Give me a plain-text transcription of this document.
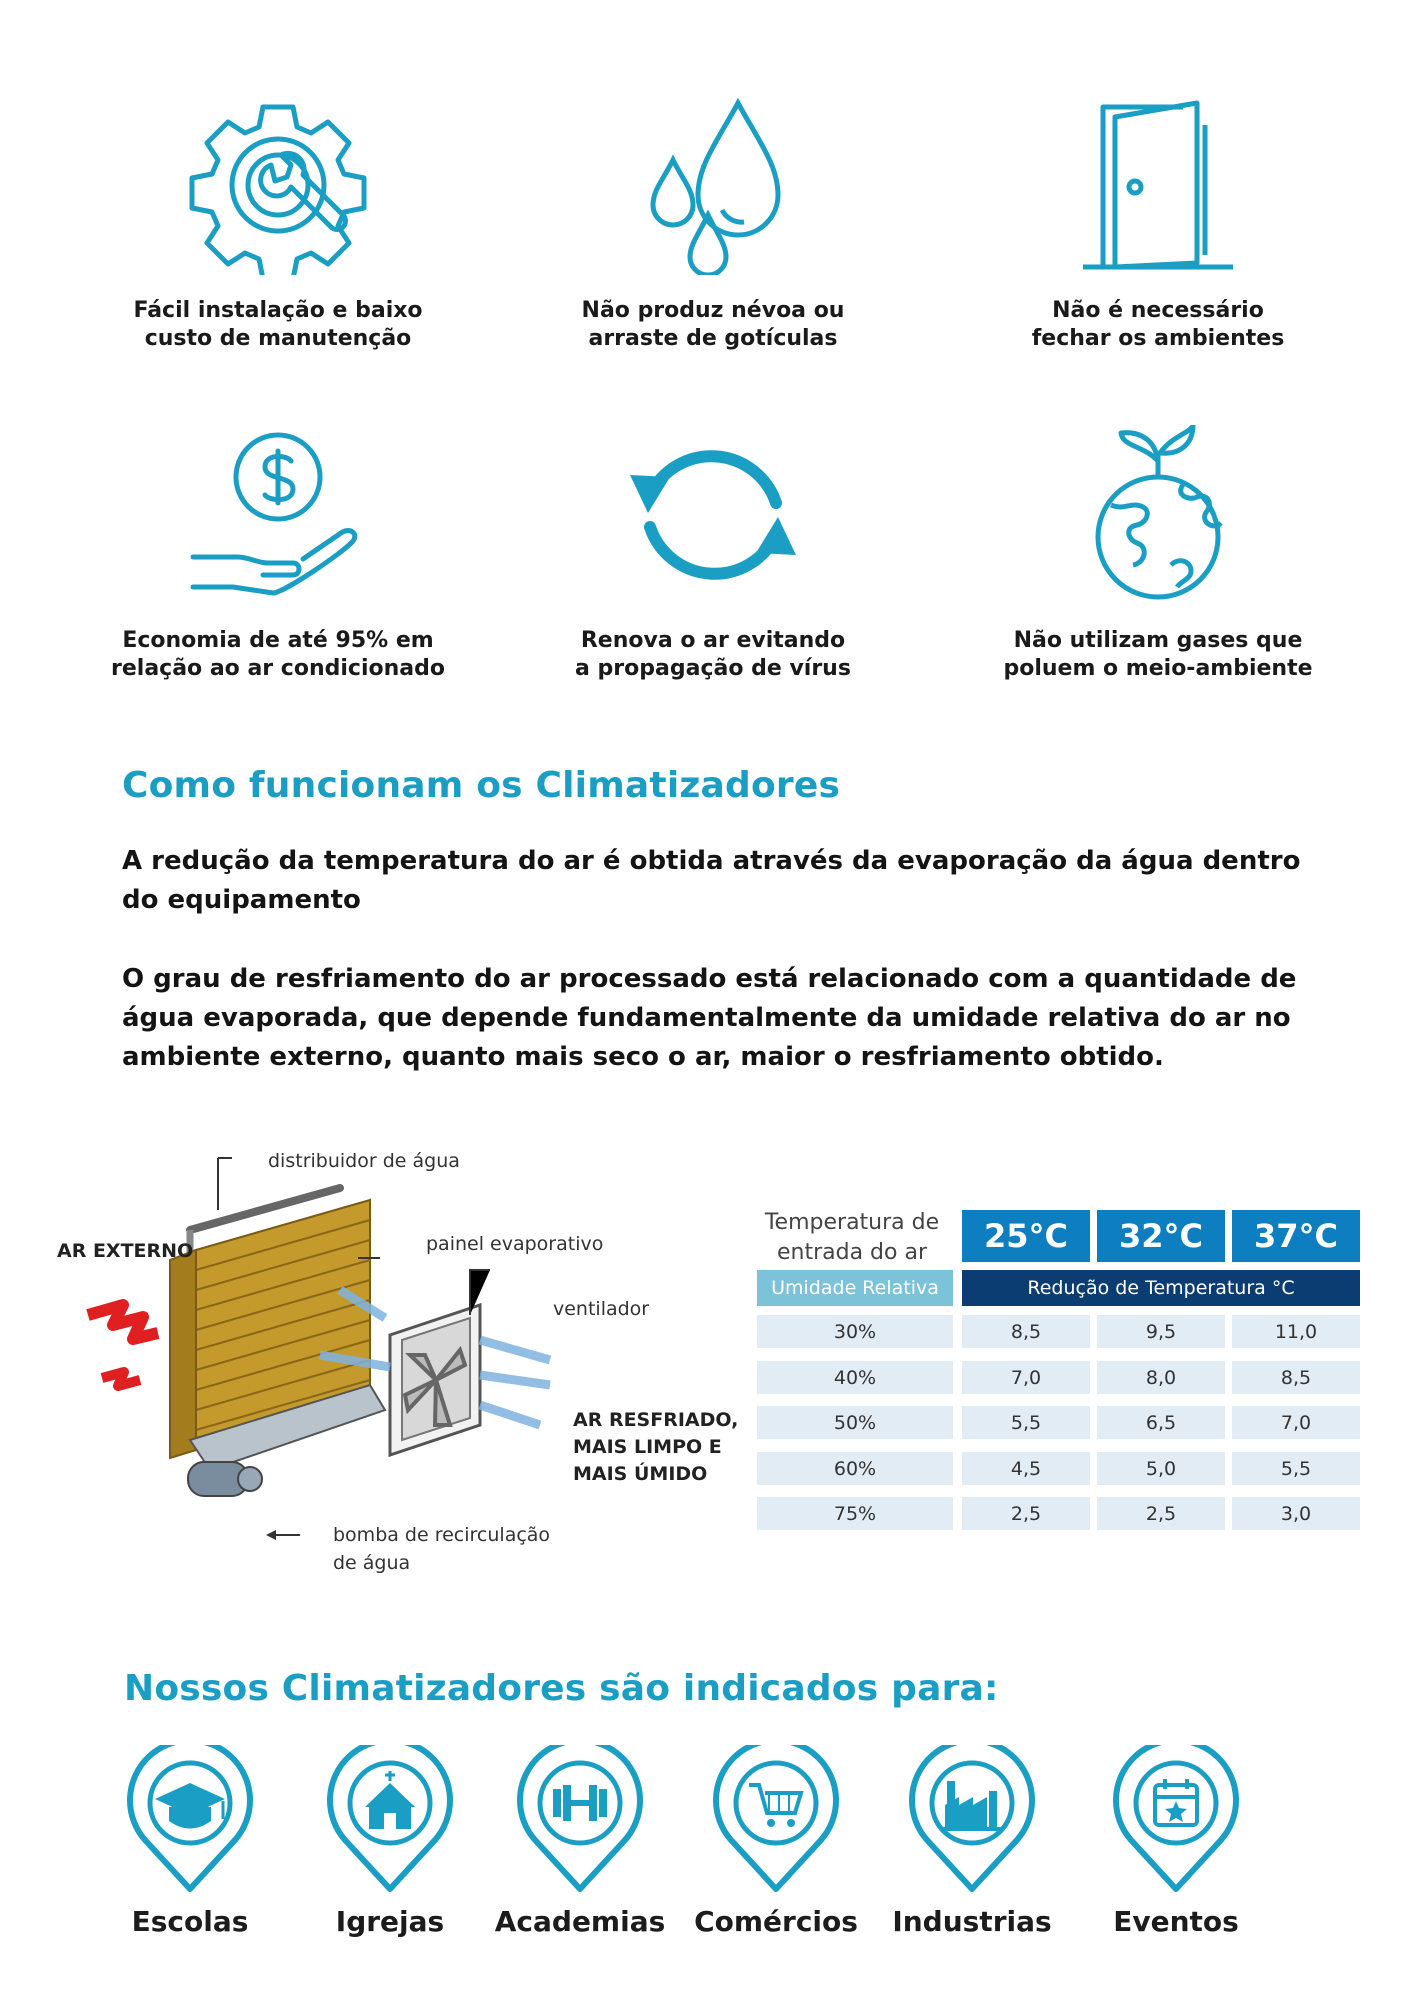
Fácil instalação e baixo
custo de manutenção
Não produz névoa ou
arraste de gotículas
Não é necessário
fechar os ambientes
Economia de até 95% em
relação ao ar condicionado
Renova o ar evitando
a propagação de vírus
Não utilizam gases que
poluem o meio-ambiente
Como funcionam os Climatizadores
A redução da temperatura do ar é obtida através da evaporação da água dentro do equipamento
O grau de resfriamento do ar processado está relacionado com a quantidade de água evaporada, que depende fundamentalmente da umidade relativa do ar no ambiente externo, quanto mais seco o ar, maior o resfriamento obtido.
distribuidor de água
painel evaporativo
ventilador
AR EXTERNO
AR RESFRIADO,
MAIS LIMPO E
MAIS ÚMIDO
bomba de recirculação
de água
Temperatura de
entrada do ar	25°C	32°C	37°C
Umidade Relativa	Redução de Temperatura °C
30%	8,5	9,5	11,0
40%	7,0	8,0	8,5
50%	5,5	6,5	7,0
60%	4,5	5,0	5,5
75%	2,5	2,5	3,0
Nossos Climatizadores são indicados para:
Escolas	Igrejas	Academias	Comércios	Industrias	Eventos
